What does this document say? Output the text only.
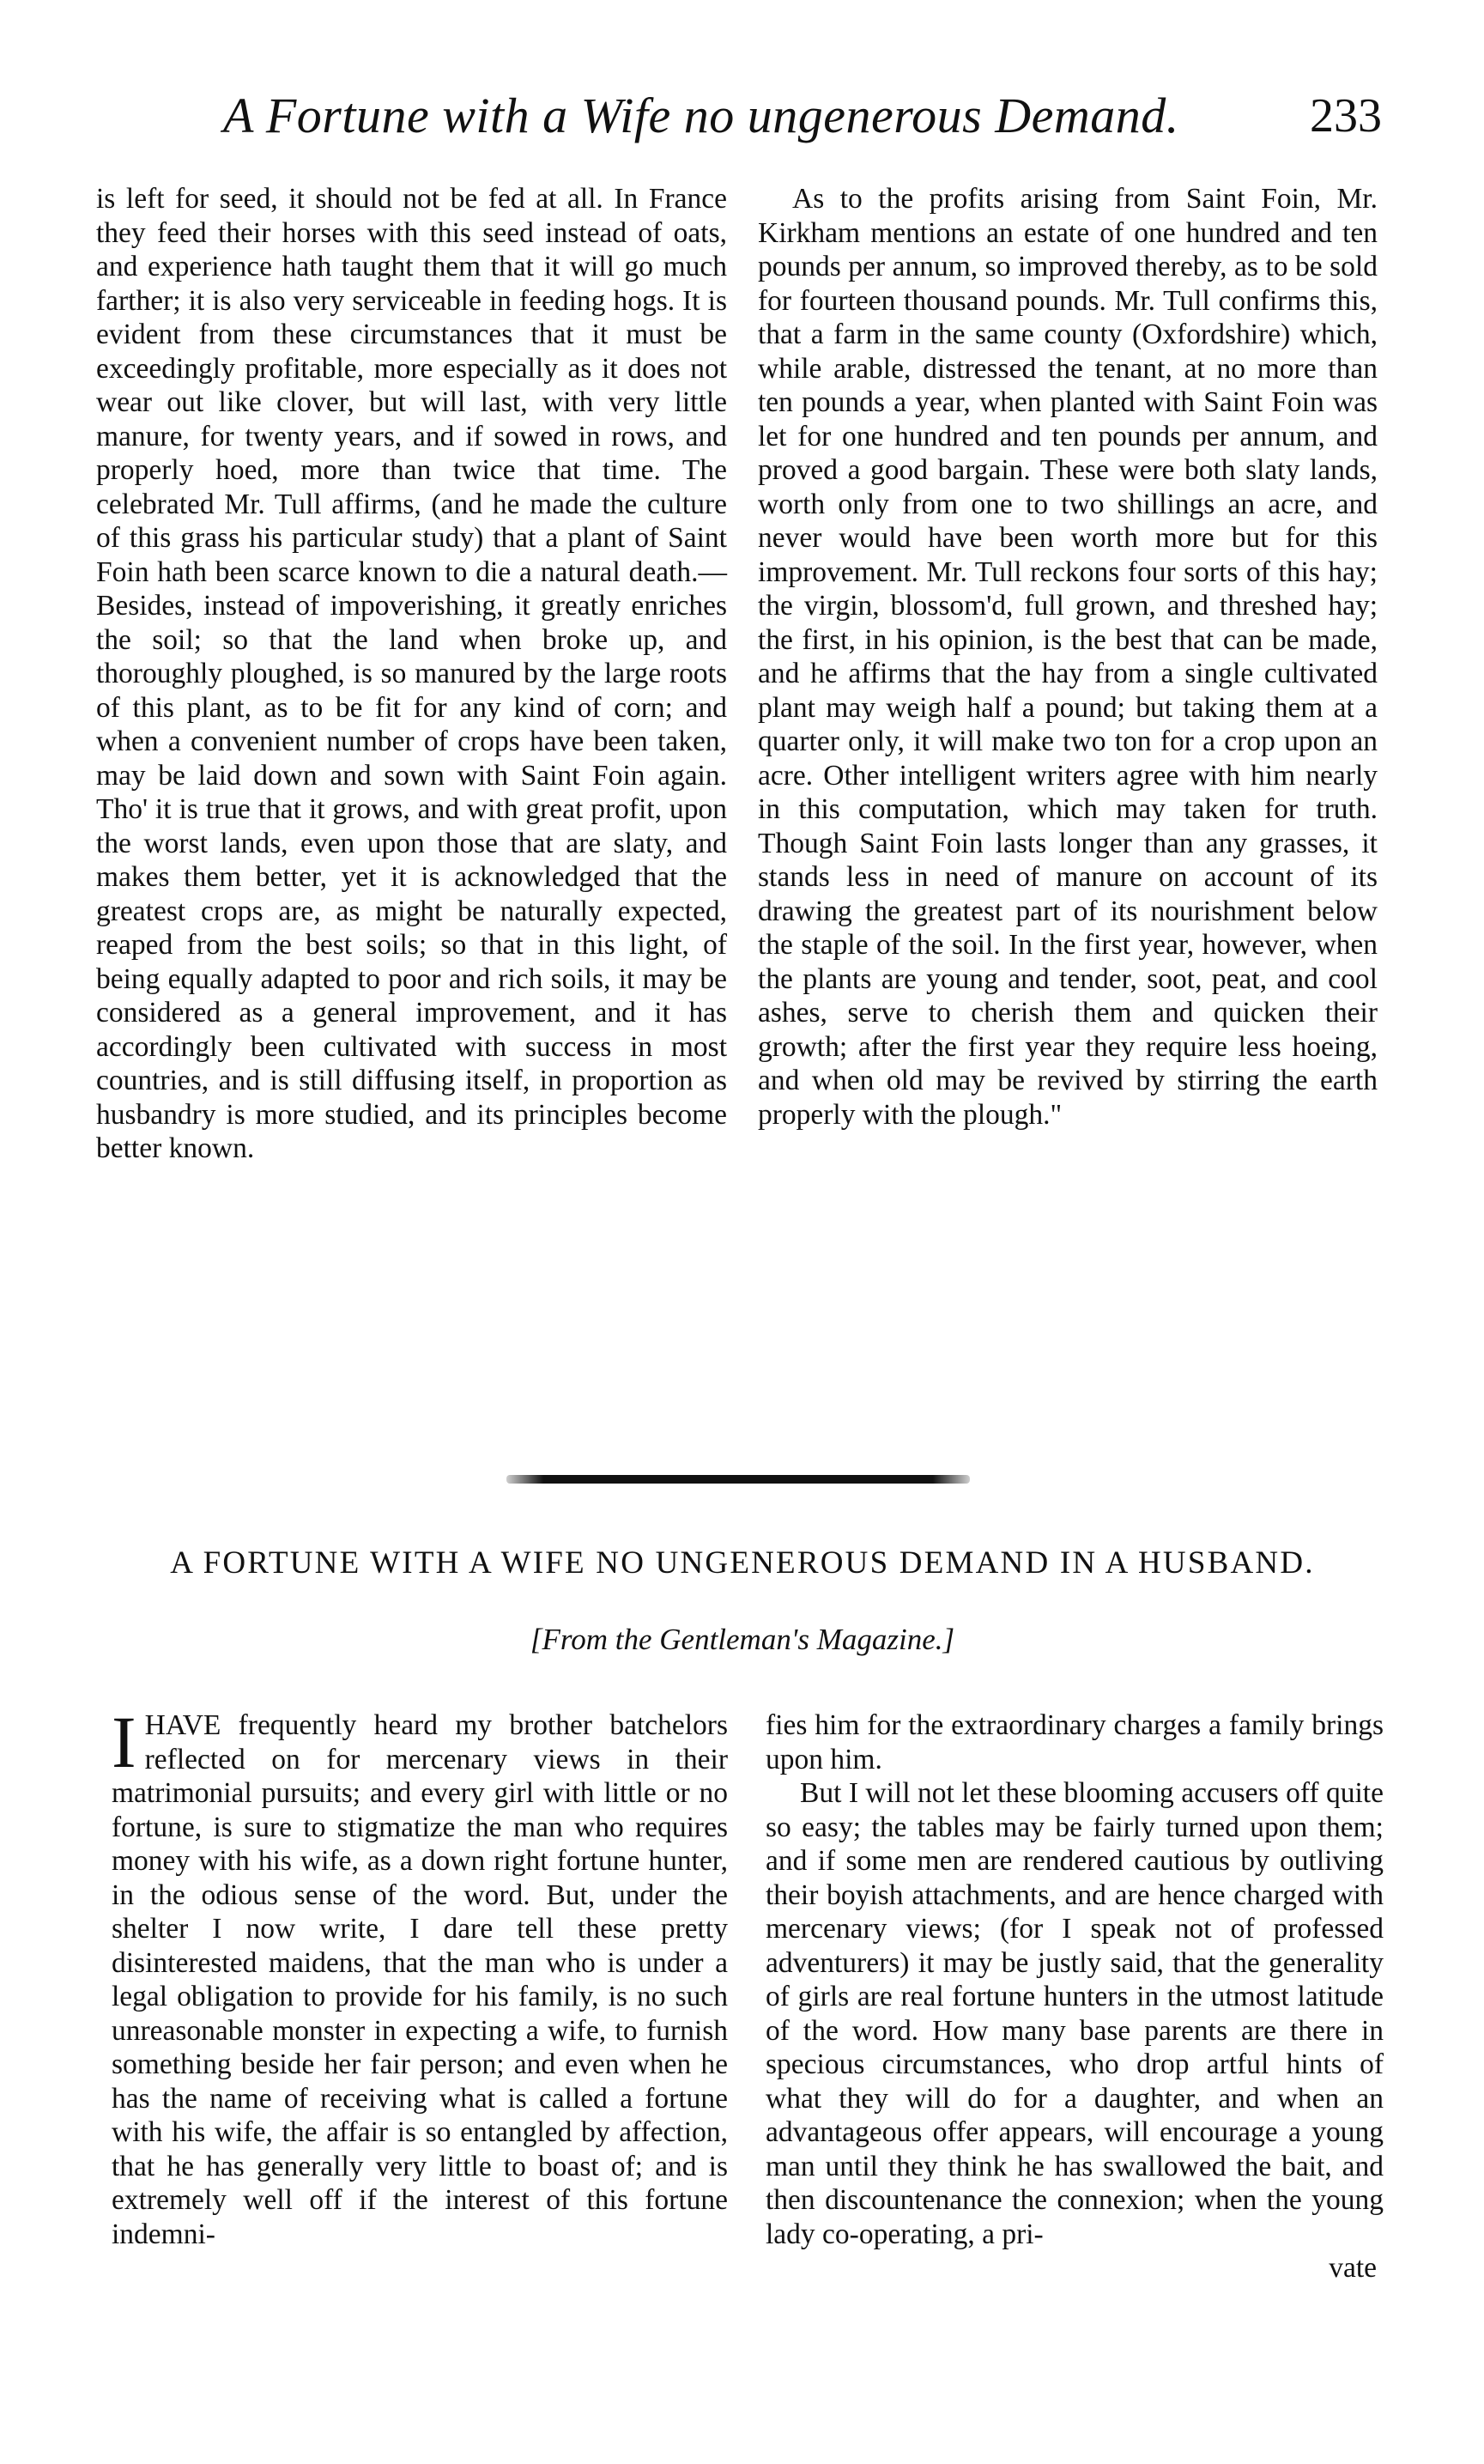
A Fortune with a Wife no ungenerous Demand.	233

is left for seed, it should not be fed at all. In France they feed their horses with this seed instead of oats, and experience hath taught them that it will go much farther; it is also very serviceable in feeding hogs. It is evident from these circumstances that it must be exceedingly profitable, more especially as it does not wear out like clover, but will last, with very little manure, for twenty years, and if sowed in rows, and properly hoed, more than twice that time. The celebrated Mr. Tull affirms, (and he made the culture of this grass his particular study) that a plant of Saint Foin hath been scarce known to die a natural death.—Besides, instead of impoverishing, it greatly enriches the soil; so that the land when broke up, and thoroughly ploughed, is so manured by the large roots of this plant, as to be fit for any kind of corn; and when a convenient number of crops have been taken, may be laid down and sown with Saint Foin again. Tho' it is true that it grows, and with great profit, upon the worst lands, even upon those that are slaty, and makes them better, yet it is acknowledged that the greatest crops are, as might be naturally expected, reaped from the best soils; so that in this light, of being equally adapted to poor and rich soils, it may be considered as a general improvement, and it has accordingly been cultivated with success in most countries, and is still diffusing itself, in proportion as husbandry is more studied, and its principles become better known.

As to the profits arising from Saint Foin, Mr. Kirkham mentions an estate of one hundred and ten pounds per annum, so improved thereby, as to be sold for fourteen thousand pounds. Mr. Tull confirms this, that a farm in the same county (Oxfordshire) which, while arable, distressed the tenant, at no more than ten pounds a year, when planted with Saint Foin was let for one hundred and ten pounds per annum, and proved a good bargain. These were both slaty lands, worth only from one to two shillings an acre, and never would have been worth more but for this improvement. Mr. Tull reckons four sorts of this hay; the virgin, blossom'd, full grown, and threshed hay; the first, in his opinion, is the best that can be made, and he affirms that the hay from a single cultivated plant may weigh half a pound; but taking them at a quarter only, it will make two ton for a crop upon an acre. Other intelligent writers agree with him nearly in this computation, which may taken for truth. Though Saint Foin lasts longer than any grasses, it stands less in need of manure on account of its drawing the greatest part of its nourishment below the staple of the soil. In the first year, however, when the plants are young and tender, soot, peat, and cool ashes, serve to cherish them and quicken their growth; after the first year they require less hoeing, and when old may be revived by stirring the earth properly with the plough."

A FORTUNE WITH A WIFE NO UNGENEROUS DEMAND IN A HUSBAND.
[From the Gentleman's Magazine.]

I HAVE frequently heard my brother batchelors reflected on for mercenary views in their matrimonial pursuits; and every girl with little or no fortune, is sure to stigmatize the man who requires money with his wife, as a down right fortune hunter, in the odious sense of the word. But, under the shelter I now write, I dare tell these pretty disinterested maidens, that the man who is under a legal obligation to provide for his family, is no such unreasonable monster in expecting a wife, to furnish something beside her fair person; and even when he has the name of receiving what is called a fortune with his wife, the affair is so entangled by affection, that he has generally very little to boast of; and is extremely well off if the interest of this fortune indemni-

fies him for the extraordinary charges a family brings upon him.

But I will not let these blooming accusers off quite so easy; the tables may be fairly turned upon them; and if some men are rendered cautious by outliving their boyish attachments, and are hence charged with mercenary views; (for I speak not of professed adventurers) it may be justly said, that the generality of girls are real fortune hunters in the utmost latitude of the word. How many base parents are there in specious circumstances, who drop artful hints of what they will do for a daughter, and when an advantageous offer appears, will encourage a young man until they think he has swallowed the bait, and then discountenance the connexion; when the young lady co-operating, a pri-

vate
